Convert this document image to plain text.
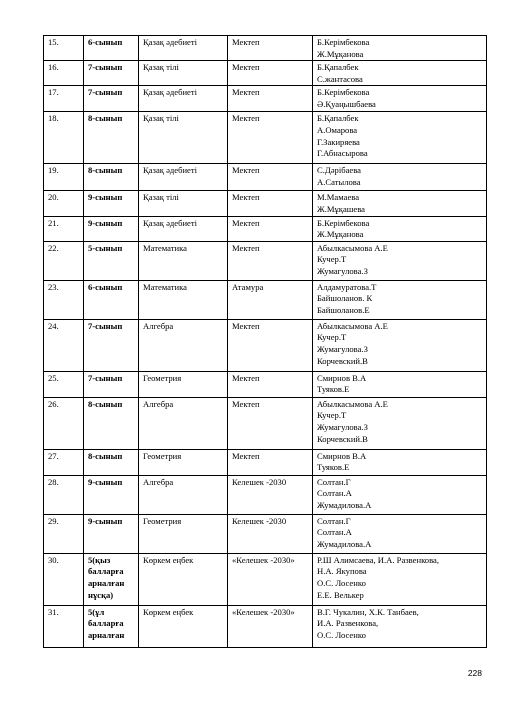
15.	6-сынып	Қазақ әдебиеті	Мектеп	Б.Керімбекова
Ж.Мұқанова

16.	7-сынып	Қазақ тілі	Мектеп	Б.Қапалбек
С.жантасова

17.	7-сынып	Қазақ әдебиеті	Мектеп	Б.Керімбекова
Ә.Қуаңышбаева

18.	8-сынып	Қазақ тілі	Мектеп	Б.Қапалбек
А.Омарова
Г.Закиряева
Г.Абнасырова

19.	8-сынып	Қазақ әдебиеті	Мектеп	С.Дәрібаева
А.Сатылова

20.	9-сынып	Қазақ тілі	Мектеп	М.Мамаева
Ж.Мұқашева

21.	9-сынып	Қазақ әдебиеті	Мектеп	Б.Керімбекова
Ж.Мұқанова

22.	5-сынып	Математика	Мектеп	Абылкасымова А.Е
Кучер.Т
Жумагулова.З

23.	6-сынып	Математика	Атамура	Алдамуратова.Т
Байшоланов. К
Байшоланов.Е

24.	7-сынып	Алгебра	Мектеп	Абылкасымова А.Е
Кучер.Т
Жумагулова.З
Корчевский.В

25.	7-сынып	Геометрия	Мектеп	Смирнов В.А
Туяков.Е

26.	8-сынып	Алгебра	Мектеп	Абылкасымова А.Е
Кучер.Т
Жумагулова.З
Корчевский.В

27.	8-сынып	Геометрия	Мектеп	Смирнов В.А
Туяков.Е

28.	9-сынып	Алгебра	Келешек -2030	Солтан.Г
Солтан.А
Жумадилова.А

29.	9-сынып	Геометрия	Келешек -2030	Солтан.Г
Солтан.А
Жумадилова.А

30.	5(қыз балларға арналған нұсқа)	Көркем еңбек	«Келешек -2030»	Р.Ш Алимсаева, И.А. Развенкова,
Н.А. Якупова
О.С. Лосенко
Е.Е. Велькер

31.	5(ұл балларға арналған	Көркем еңбек	«Келешек -2030»	В.Г. Чукалин, Х.К. Танбаев,
И.А. Развенкова,
О.С. Лосенко
228
